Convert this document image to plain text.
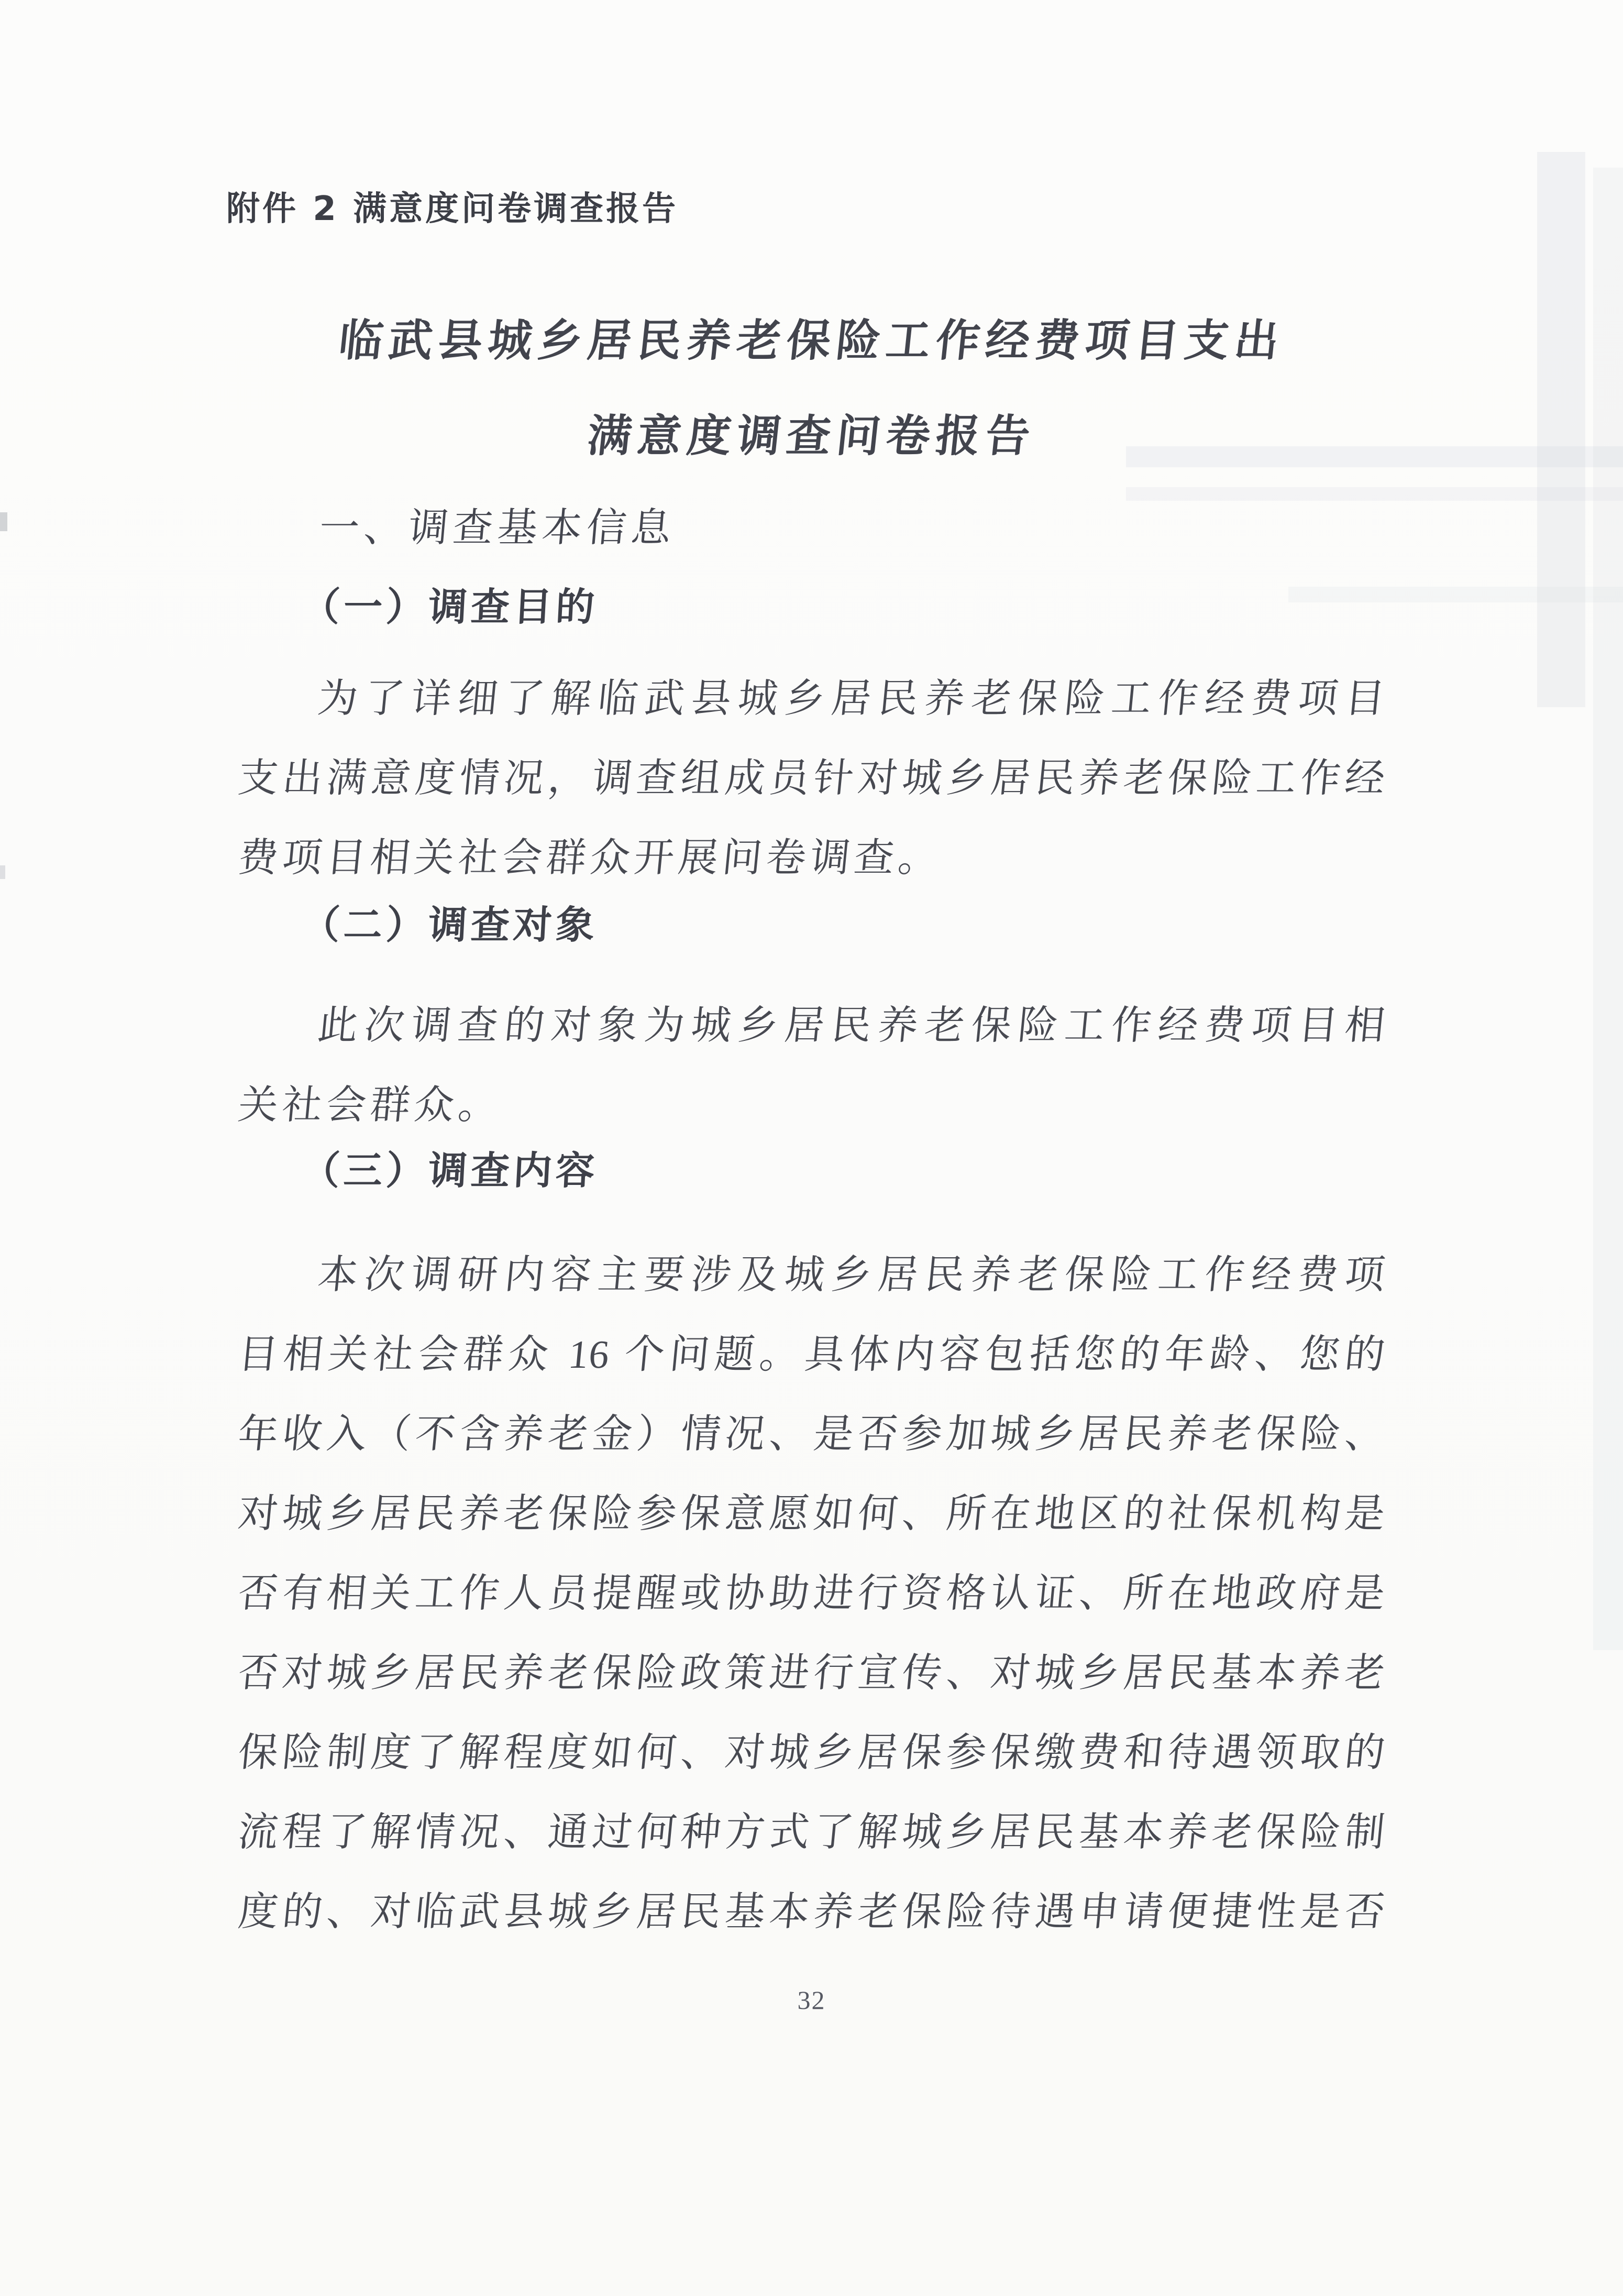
附件 2 满意度问卷调查报告
临武县城乡居民养老保险工作经费项目支出
满意度调查问卷报告
一、调查基本信息
（一）调查目的
为了详细了解临武县城乡居民养老保险工作经费项目
支出满意度情况，调查组成员针对城乡居民养老保险工作经
费项目相关社会群众开展问卷调查。
（二）调查对象
此次调查的对象为城乡居民养老保险工作经费项目相
关社会群众。
（三）调查内容
本次调研内容主要涉及城乡居民养老保险工作经费项
目相关社会群众 16 个问题。具体内容包括您的年龄、您的
年收入（不含养老金）情况、是否参加城乡居民养老保险、
对城乡居民养老保险参保意愿如何、所在地区的社保机构是
否有相关工作人员提醒或协助进行资格认证、所在地政府是
否对城乡居民养老保险政策进行宣传、对城乡居民基本养老
保险制度了解程度如何、对城乡居保参保缴费和待遇领取的
流程了解情况、通过何种方式了解城乡居民基本养老保险制
度的、对临武县城乡居民基本养老保险待遇申请便捷性是否
32
